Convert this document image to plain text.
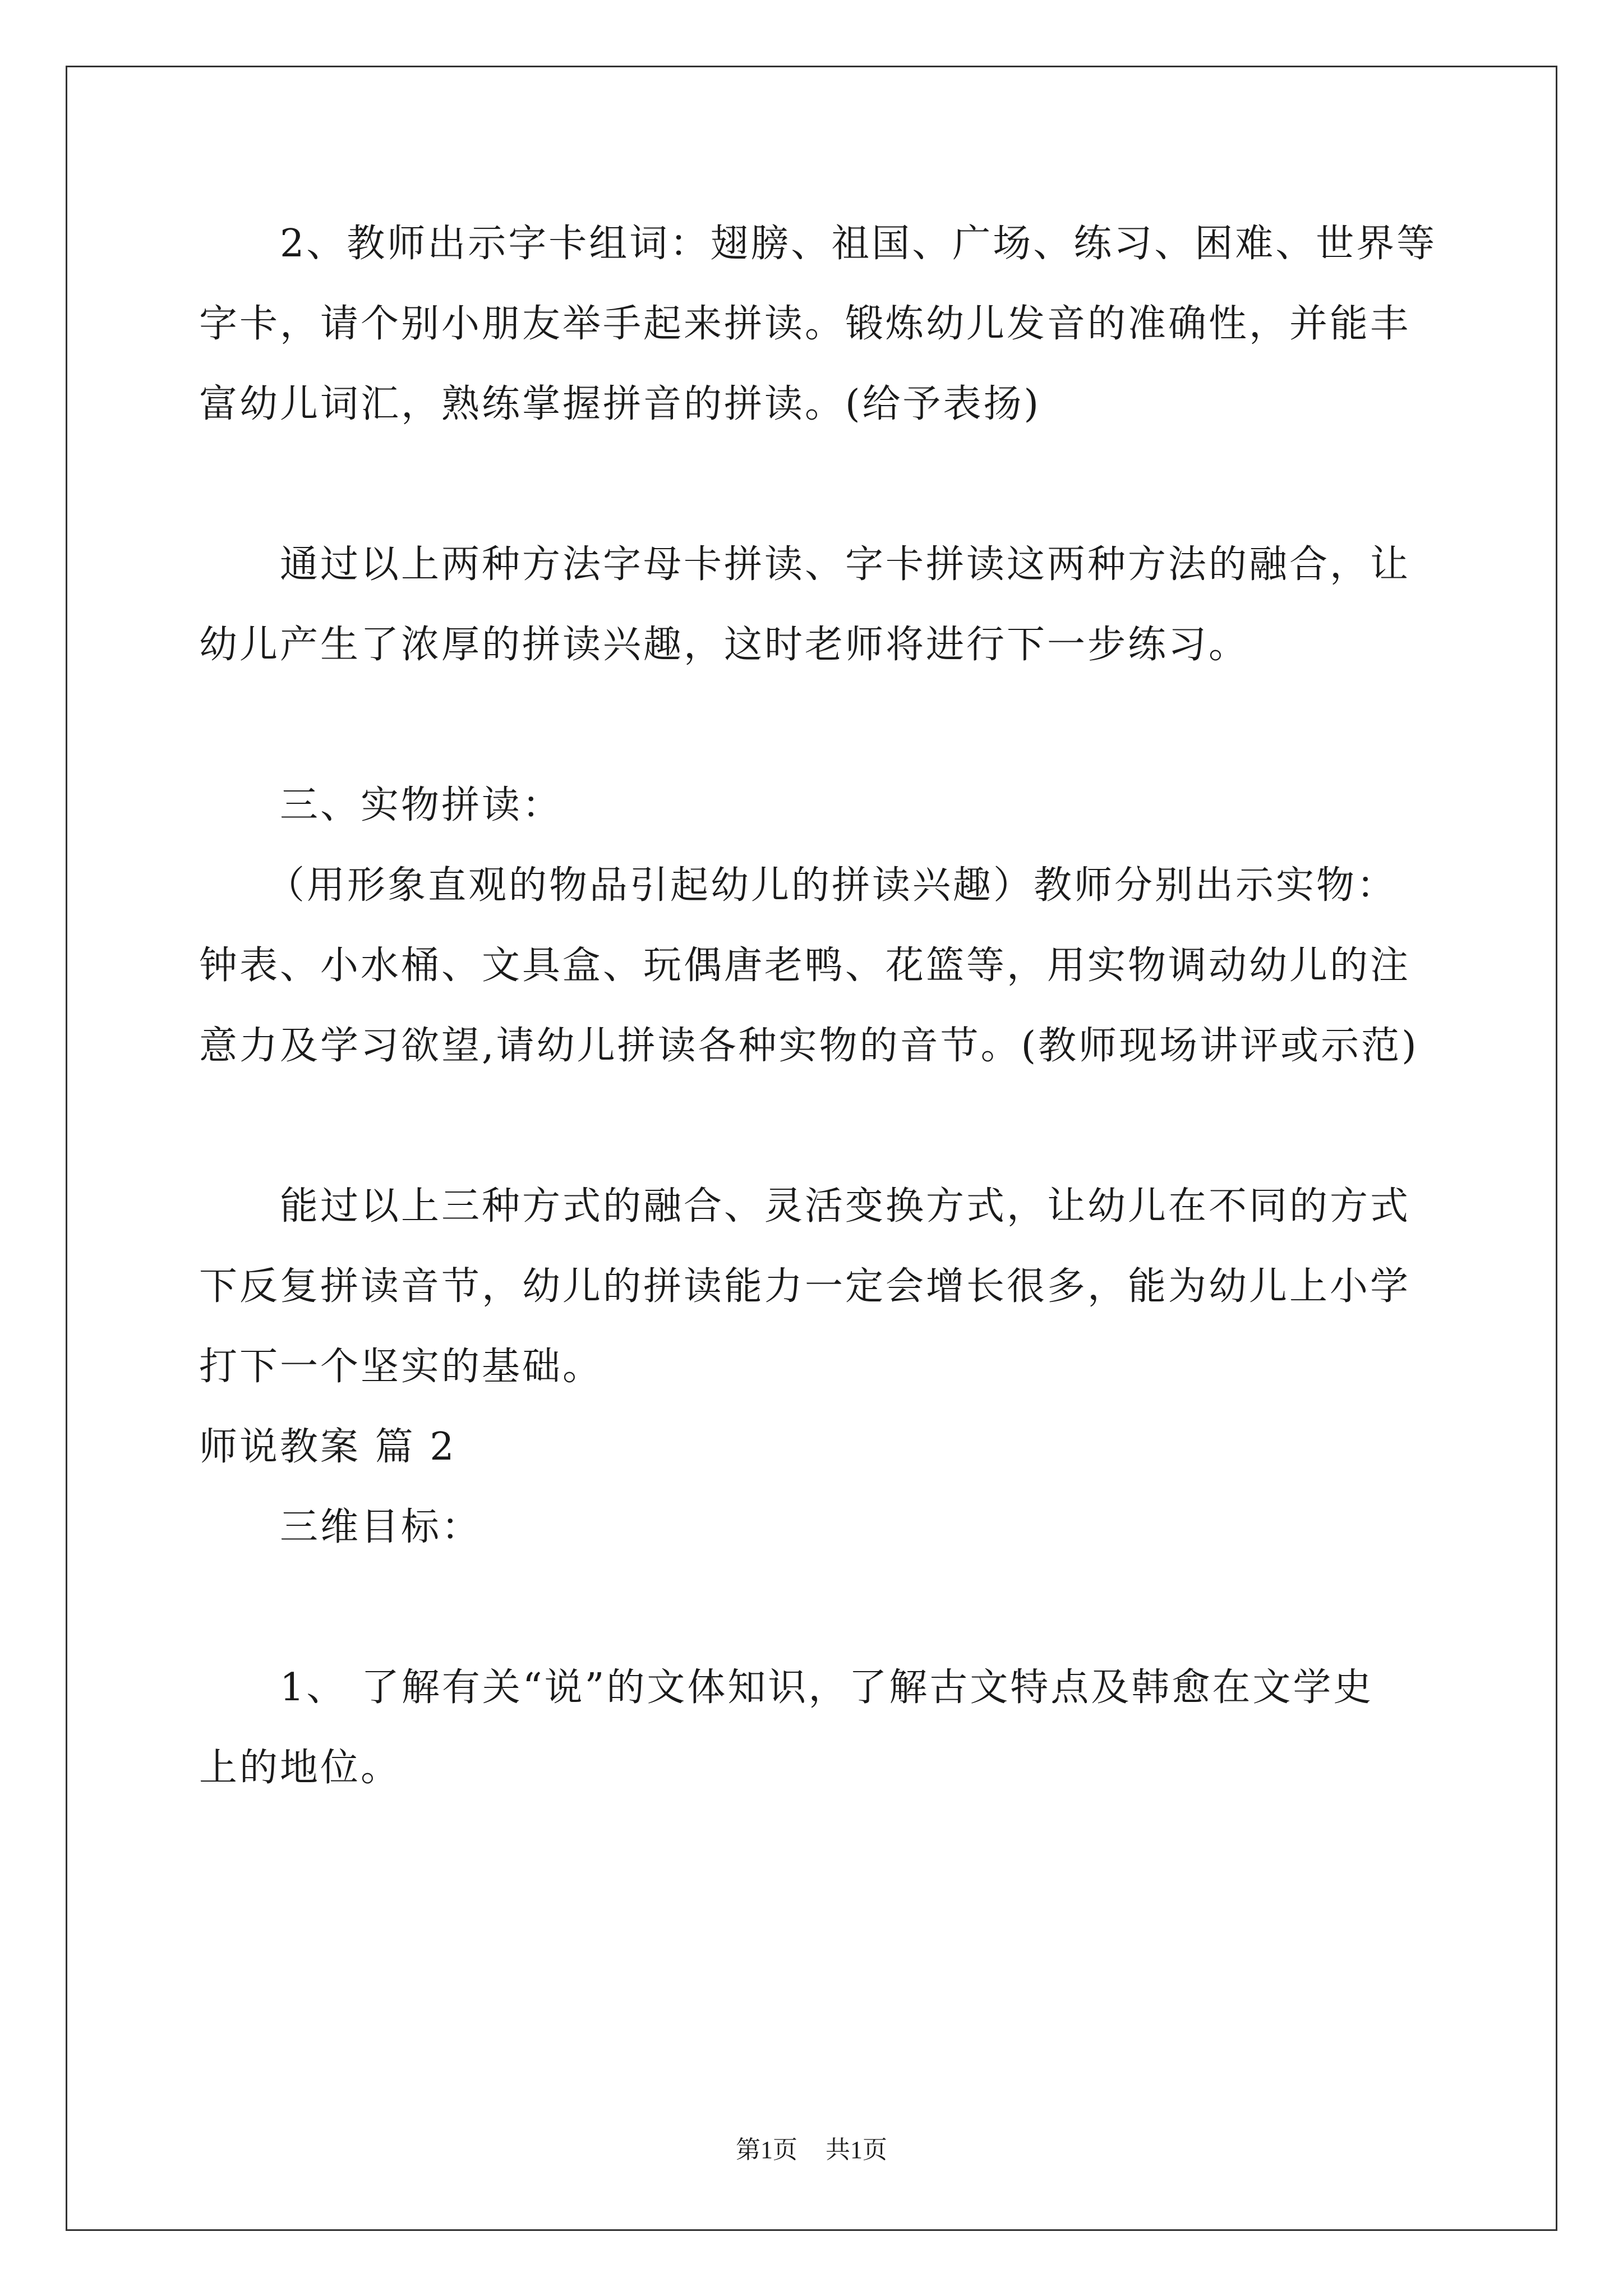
2、教师出示字卡组词：翅膀、祖国、广场、练习、困难、世界等
字卡，请个别小朋友举手起来拼读。锻炼幼儿发音的准确性，并能丰
富幼儿词汇，熟练掌握拼音的拼读。(给予表扬)
通过以上两种方法字母卡拼读、字卡拼读这两种方法的融合，让
幼儿产生了浓厚的拼读兴趣，这时老师将进行下一步练习。
三、实物拼读：
（用形象直观的物品引起幼儿的拼读兴趣）教师分别出示实物：
钟表、小水桶、文具盒、玩偶唐老鸭、花篮等，用实物调动幼儿的注
意力及学习欲望,请幼儿拼读各种实物的音节。(教师现场讲评或示范)
能过以上三种方式的融合、灵活变换方式，让幼儿在不同的方式
下反复拼读音节，幼儿的拼读能力一定会增长很多，能为幼儿上小学
打下一个坚实的基础。
师说教案 篇 2
三维目标：
1、 了解有关“说”的文体知识，了解古文特点及韩愈在文学史
上的地位。
第1页 共1页
